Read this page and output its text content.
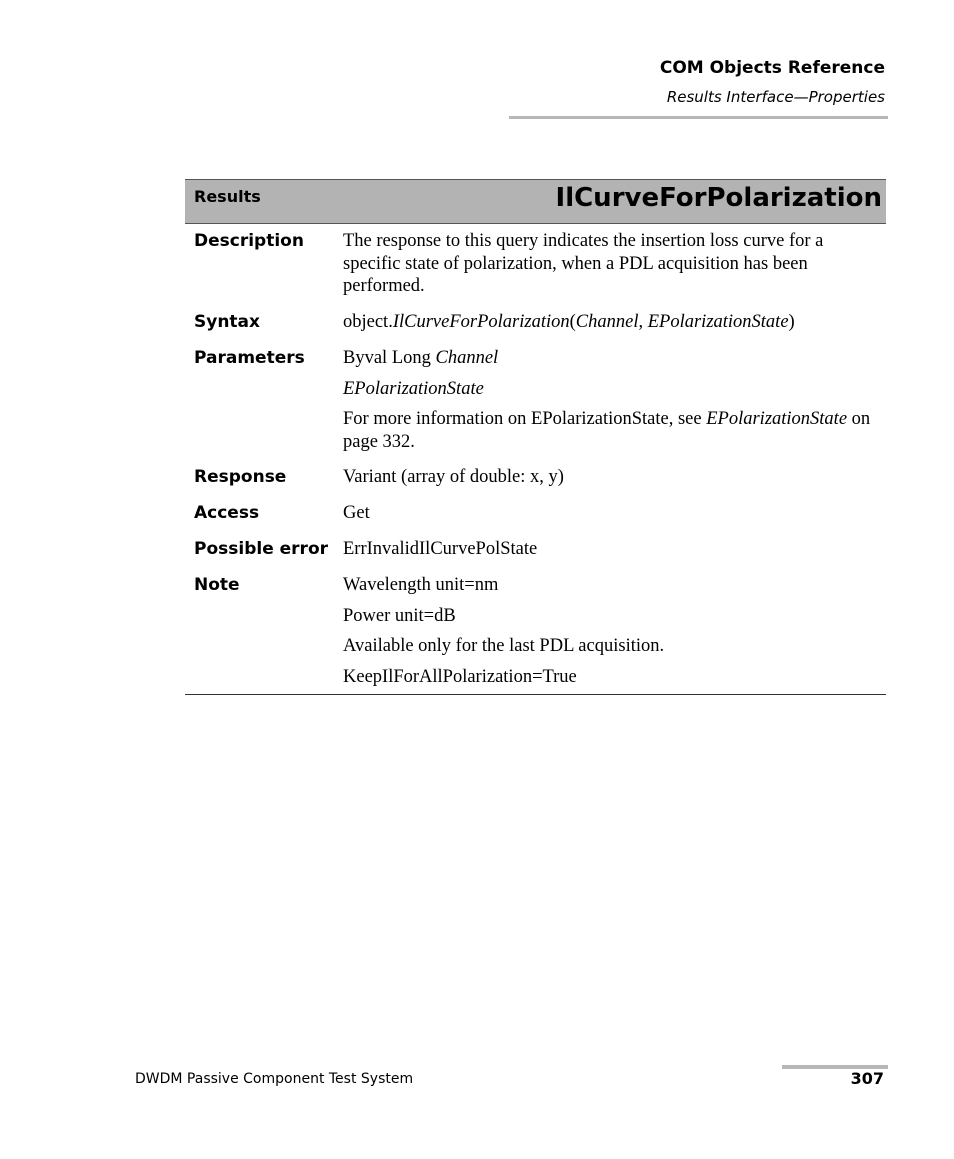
COM Objects Reference
Results Interface—Properties
Results	IlCurveForPolarization
Description The response to this query indicates the insertion loss curve for a specific state of polarization, when a PDL acquisition has been performed.

Syntax	object.IlCurveForPolarization(Channel, EPolarizationState)

Parameters Byval Long Channel

EPolarizationState

For more information on EPolarizationState, see EPolarizationState on page 332.

Response	Variant (array of double: x, y)

Access	Get

Possible error ErrInvalidIlCurvePolState

Note	Wavelength unit=nm

Power unit=dB

Available only for the last PDL acquisition.

KeepIlForAllPolarization=True

DWDM Passive Component Test System	307
